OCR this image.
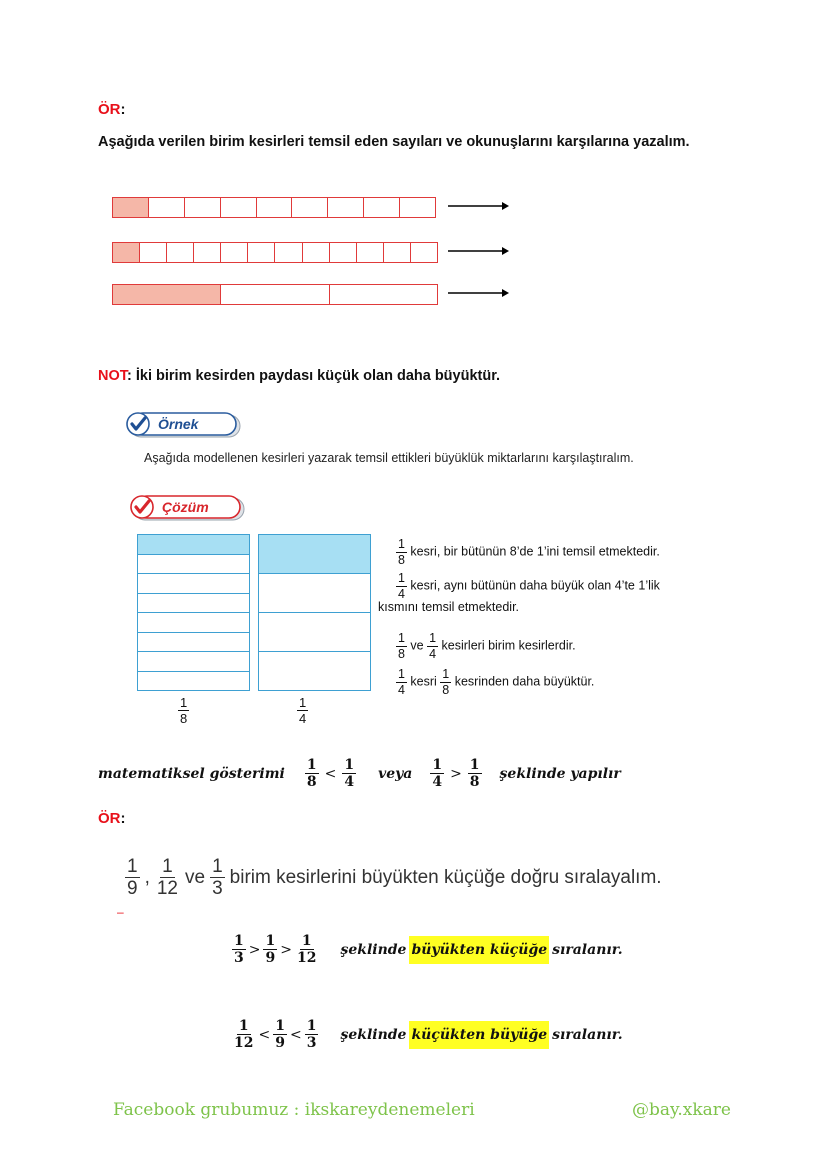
ÖR:
Aşağıda verilen birim kesirleri temsil eden sayıları ve okunuşlarını karşılarına yazalım.
NOT: İki birim kesirden paydası küçük olan daha büyüktür.
Örnek
Aşağıda modellenen kesirleri yazarak temsil ettikleri büyüklük miktarlarını karşılaştıralım.
Çözüm
$\frac{1}{8}$	$\frac{1}{4}$
$\frac{1}{8}$ kesri, bir bütünün 8’de 1’ini temsil etmektedir.
$\frac{1}{4}$ kesri, aynı bütünün daha büyük olan 4’te 1’lik
kısmını temsil etmektedir.
$\frac{1}{8}$ ve $\frac{1}{4}$ kesirleri birim kesirlerdir.
$\frac{1}{4}$ kesri $\frac{1}{8}$ kesrinden daha büyüktür.
matematiksel gösterimi $\frac{1}{8} < \frac{1}{4}$ veya $\frac{1}{4} > \frac{1}{8}$ şeklinde yapılır
ÖR:
$\frac{1}{9}$ , $\frac{1}{12}$ ve $\frac{1}{3}$ birim kesirlerini büyükten küçüğe doğru sıralayalım.
–
$\frac{1}{3} > \frac{1}{9} > \frac{1}{12}$ şeklinde büyükten küçüğe sıralanır.
$\frac{1}{12} < \frac{1}{9} < \frac{1}{3}$ şeklinde küçükten büyüğe sıralanır.
Facebook grubumuz : ikskareydenemeleri	@bay.xkare
